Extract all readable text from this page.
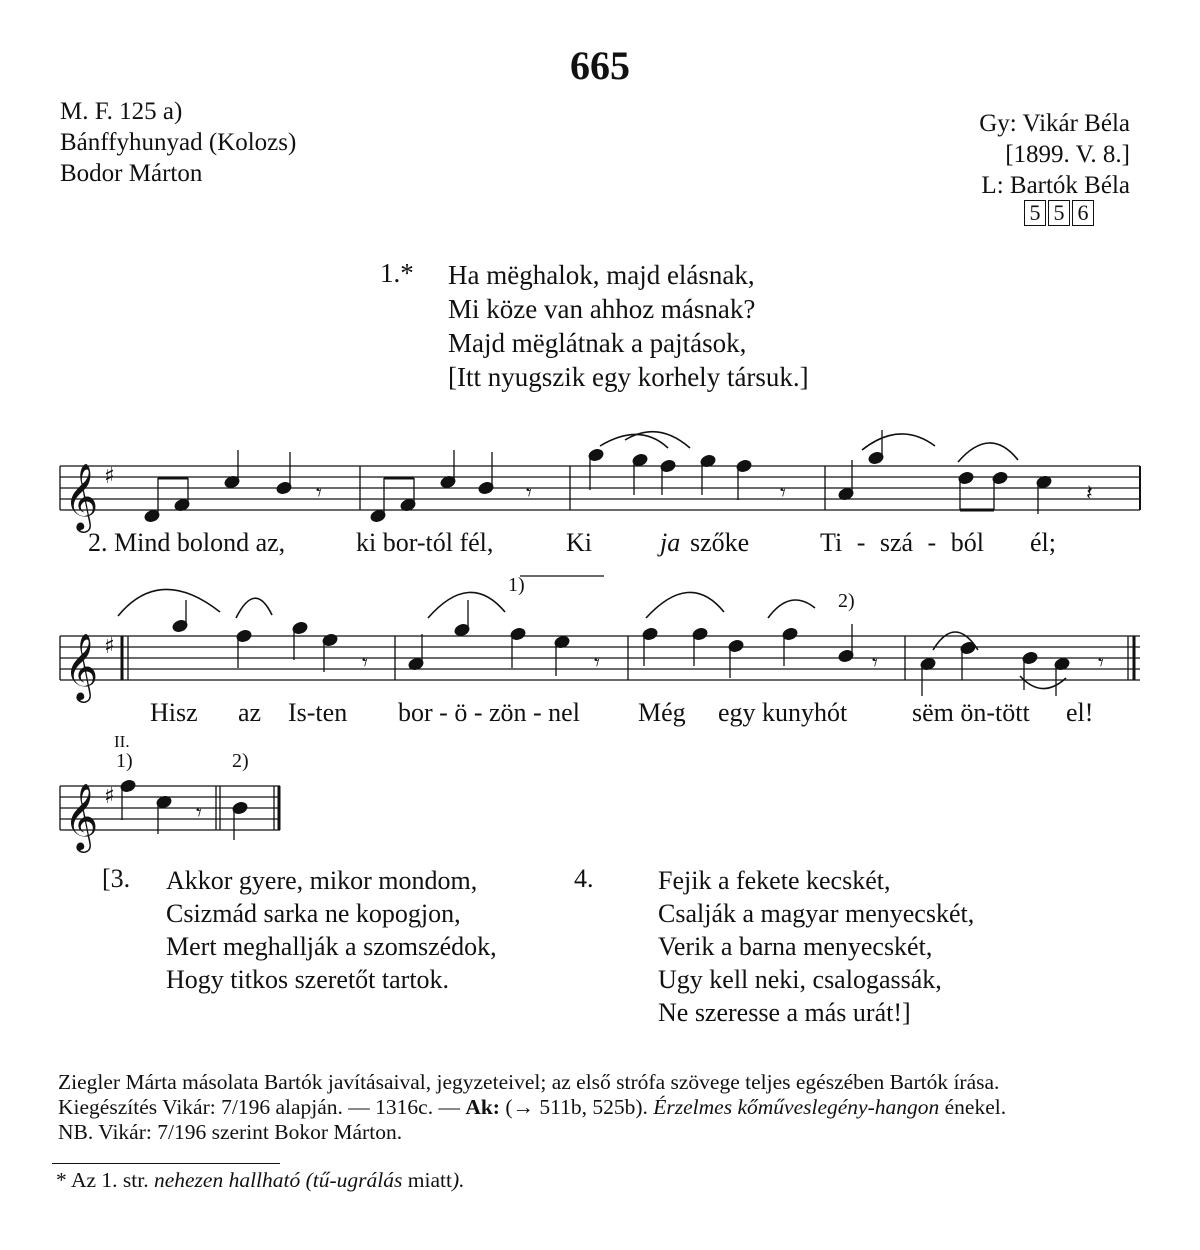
665
M. F. 125 a)
Bánffyhunyad (Kolozs)
Bodor Márton
Gy: Vikár Béla
[1899. V. 8.]
L: Bartók Béla
5 5 6
1.* Ha mëghalok, majd elásnak,
Mi köze van ahhoz másnak?
Majd mëglátnak a pajtások,
[Itt nyugszik egy korhely társuk.]
𝄞 ♯
𝄞 ♯
𝄞 ♯
𝄾	𝄾	𝄾	𝄽
𝄾	𝄾	𝄾	𝄾
𝄾
2. Mind bolond az,	ki bor-tól fél,	Ki	ja szőke	Ti - szá - ból él;
Hisz az Is-ten bor - ö - zön - nel Még egy kunyhót sëm ön-tött el!
1)
2)
II.
1)	2)
[3. Akkor gyere, mikor mondom,
Csizmád sarka ne kopogjon,
Mert meghallják a szomszédok,
Hogy titkos szeretőt tartok.
4. Fejik a fekete kecskét,
Csalják a magyar menyecskét,
Verik a barna menyecskét,
Ugy kell neki, csalogassák,
Ne szeresse a más urát!]
Ziegler Márta másolata Bartók javításaival, jegyzeteivel; az első strófa szövege teljes egészében Bartók írása.
Kiegészítés Vikár: 7/196 alapján. — 1316c. — Ak: (→ 511b, 525b). Érzelmes kőműveslegény-hangon énekel.
NB. Vikár: 7/196 szerint Bokor Márton.
* Az 1. str. nehezen hallható (tű-ugrálás miatt).
